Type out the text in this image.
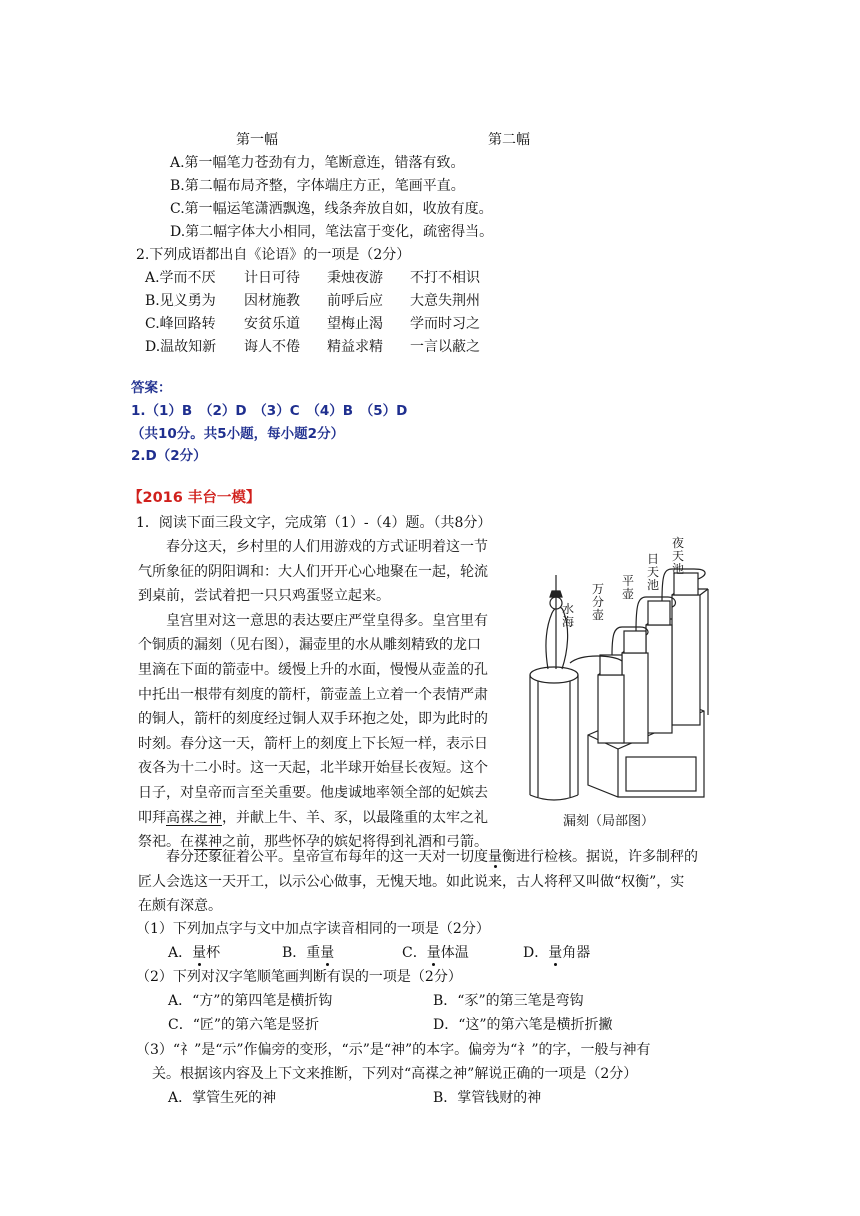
第一幅	第二幅
A.第一幅笔力苍劲有力，笔断意连，错落有致。
B.第二幅布局齐整，字体端庄方正，笔画平直。
C.第一幅运笔潇洒飘逸，线条奔放自如，收放有度。
D.第二幅字体大小相同，笔法富于变化，疏密得当。
2.下列成语都出自《论语》的一项是（2分）
A.学而不厌 计日可待 秉烛夜游 不打不相识
B.见义勇为 因材施教 前呼后应 大意失荆州
C.峰回路转 安贫乐道 望梅止渴 学而时习之
D.温故知新 诲人不倦 精益求精 一言以蔽之
答案：
1.（1）B　（2）D　（3）C　（4）B　（5）D
（共10分。共5小题，每小题2分）
2.D（2分）
【2016 丰台一模】
1．阅读下面三段文字，完成第（1）-（4）题。（共8分）
　　春分这天，乡村里的人们用游戏的方式证明着这一节
气所象征的阴阳调和：大人们开开心心地聚在一起，轮流
到桌前，尝试着把一只只鸡蛋竖立起来。
　　皇宫里对这一意思的表达要庄严堂皇得多。皇宫里有
个铜质的漏刻（见右图），漏壶里的水从雕刻精致的龙口
里滴在下面的箭壶中。缓慢上升的水面，慢慢从壶盖的孔
中托出一根带有刻度的箭杆，箭壶盖上立着一个表情严肃
的铜人，箭杆的刻度经过铜人双手环抱之处，即为此时的
时刻。春分这一天，箭杆上的刻度上下长短一样，表示日
夜各为十二小时。这一天起，北半球开始昼长夜短。这个
日子，对皇帝而言至关重要。他虔诚地率领全部的妃嫔去
叩拜高禖之神，并献上牛、羊、豕，以最隆重的太牢之礼
祭祀。在禖神之前，那些怀孕的嫔妃将得到礼酒和弓箭。
夜天池
日天池
平壶
万分壶
水海
漏刻（局部图）
　　春分还象征着公平。皇帝宣布每年的这一天对一切度量衡进行检核。据说，许多制秤的
匠人会选这一天开工，以示公心做事，无愧天地。如此说来，古人将秤又叫做“权衡”，实
在颇有深意。
（1）下列加点字与文中加点字读音相同的一项是（2分）
A．量杯	B．重量	C．量体温	D．量角器
（2）下列对汉字笔顺笔画判断有误的一项是（2分）
A．“方”的第四笔是横折钩	B．“豕”的第三笔是弯钩
C．“匠”的第六笔是竖折	D．“这”的第六笔是横折折撇
（3）“礻”是“示”作偏旁的变形，“示”是“神”的本字。偏旁为“礻”的字，一般与神有
关。根据该内容及上下文来推断，下列对“高禖之神”解说正确的一项是（2分）
A．掌管生死的神	B．掌管钱财的神
